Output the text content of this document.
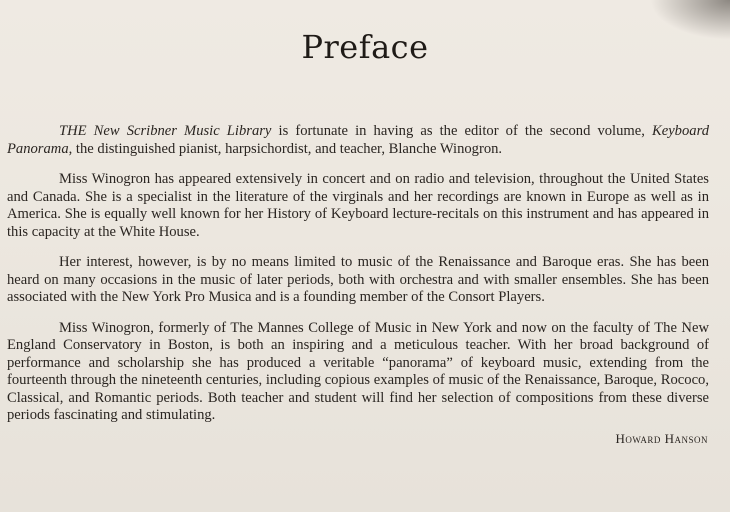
Preface

THE New Scribner Music Library is fortunate in having as the editor of the second volume, Keyboard Panorama, the distinguished pianist, harpsichordist, and teacher, Blanche Winogron.

Miss Winogron has appeared extensively in concert and on radio and television, throughout the United States and Canada. She is a specialist in the literature of the virginals and her recordings are known in Europe as well as in America. She is equally well known for her History of Keyboard lecture-recitals on this instrument and has appeared in this capacity at the White House.

Her interest, however, is by no means limited to music of the Renaissance and Baroque eras. She has been heard on many occasions in the music of later periods, both with orchestra and with smaller ensembles. She has been associated with the New York Pro Musica and is a founding member of the Consort Players.

Miss Winogron, formerly of The Mannes College of Music in New York and now on the faculty of The New England Conservatory in Boston, is both an inspiring and a meticulous teacher. With her broad background of performance and scholarship she has produced a veritable “panorama” of keyboard music, extending from the fourteenth through the nineteenth centuries, including copious examples of music of the Renaissance, Baroque, Rococo, Classical, and Romantic periods. Both teacher and student will find her selection of compositions from these diverse periods fascinating and stimulating.

Howard Hanson
